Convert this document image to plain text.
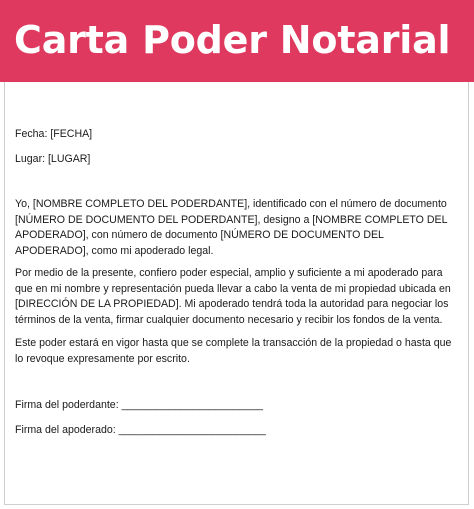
Carta Poder Notarial

Fecha: [FECHA]

Lugar: [LUGAR]

Yo, [NOMBRE COMPLETO DEL PODERDANTE], identificado con el número de documento [NÚMERO DE DOCUMENTO DEL PODERDANTE], designo a [NOMBRE COMPLETO DEL APODERADO], con número de documento [NÚMERO DE DOCUMENTO DEL APODERADO], como mi apoderado legal.

Por medio de la presente, confiero poder especial, amplio y suficiente a mi apoderado para que en mi nombre y representación pueda llevar a cabo la venta de mi propiedad ubicada en [DIRECCIÓN DE LA PROPIEDAD]. Mi apoderado tendrá toda la autoridad para negociar los términos de la venta, firmar cualquier documento necesario y recibir los fondos de la venta.

Este poder estará en vigor hasta que se complete la transacción de la propiedad o hasta que lo revoque expresamente por escrito.

Firma del poderdante: ________________________

Firma del apoderado: _________________________
